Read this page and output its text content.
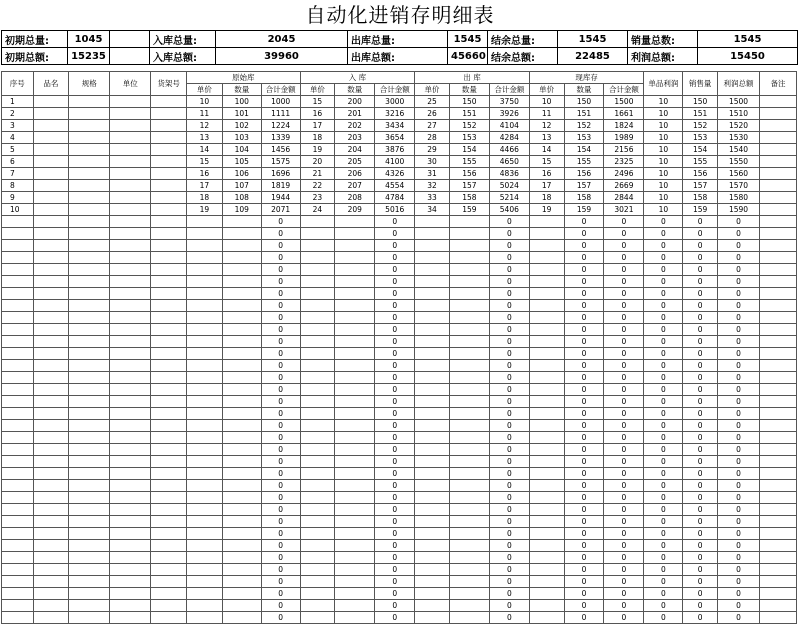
自动化进销存明细表
初期总量:	1045		入库总量:	2045	出库总量:	1545	结余总量:	1545	销量总数:	1545
初期总额:	15235		入库总额:	39960	出库总额:	45660	结余总额:	22485	利润总额:	15450
序号	品名	规格	单位	货架号	原始库			入 库			出 库			现库存			单品利润	销售量	利润总额	备注
					单价	数量	合计金额	单价	数量	合计金额	单价	数量	合计金额	单价	数量	合计金额				
1					10	100	1000	15	200	3000	25	150	3750	10	150	1500	10	150	1500	
2					11	101	1111	16	201	3216	26	151	3926	11	151	1661	10	151	1510	
3					12	102	1224	17	202	3434	27	152	4104	12	152	1824	10	152	1520	
4					13	103	1339	18	203	3654	28	153	4284	13	153	1989	10	153	1530	
5					14	104	1456	19	204	3876	29	154	4466	14	154	2156	10	154	1540	
6					15	105	1575	20	205	4100	30	155	4650	15	155	2325	10	155	1550	
7					16	106	1696	21	206	4326	31	156	4836	16	156	2496	10	156	1560	
8					17	107	1819	22	207	4554	32	157	5024	17	157	2669	10	157	1570	
9					18	108	1944	23	208	4784	33	158	5214	18	158	2844	10	158	1580	
10					19	109	2071	24	209	5016	34	159	5406	19	159	3021	10	159	1590	
							0			0			0		0	0	0	0	0	
							0			0			0		0	0	0	0	0	
							0			0			0		0	0	0	0	0	
							0			0			0		0	0	0	0	0	
							0			0			0		0	0	0	0	0	
							0			0			0		0	0	0	0	0	
							0			0			0		0	0	0	0	0	
							0			0			0		0	0	0	0	0	
							0			0			0		0	0	0	0	0	
							0			0			0		0	0	0	0	0	
							0			0			0		0	0	0	0	0	
							0			0			0		0	0	0	0	0	
							0			0			0		0	0	0	0	0	
							0			0			0		0	0	0	0	0	
							0			0			0		0	0	0	0	0	
							0			0			0		0	0	0	0	0	
							0			0			0		0	0	0	0	0	
							0			0			0		0	0	0	0	0	
							0			0			0		0	0	0	0	0	
							0			0			0		0	0	0	0	0	
							0			0			0		0	0	0	0	0	
							0			0			0		0	0	0	0	0	
							0			0			0		0	0	0	0	0	
							0			0			0		0	0	0	0	0	
							0			0			0		0	0	0	0	0	
							0			0			0		0	0	0	0	0	
							0			0			0		0	0	0	0	0	
							0			0			0		0	0	0	0	0	
							0			0			0		0	0	0	0	0	
							0			0			0		0	0	0	0	0	
							0			0			0		0	0	0	0	0	
							0			0			0		0	0	0	0	0	
							0			0			0		0	0	0	0	0	
							0			0			0		0	0	0	0	0	
